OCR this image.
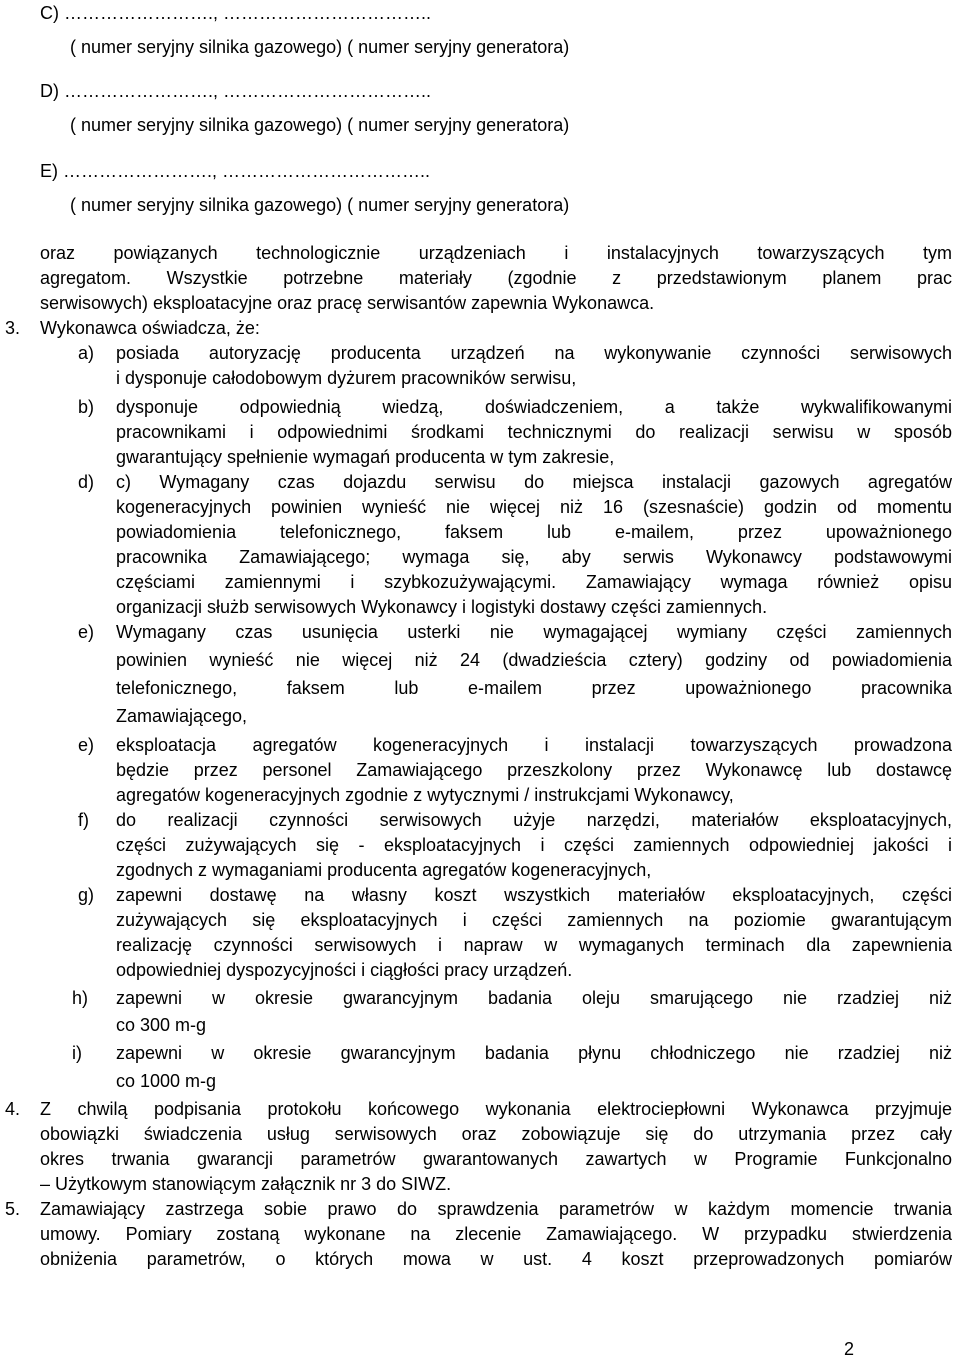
C) ……………………., ……………………………..
( numer seryjny silnika gazowego) ( numer seryjny generatora)
D) ……………………., ……………………………..
( numer seryjny silnika gazowego) ( numer seryjny generatora)
E) ……………………., ……………………………..
( numer seryjny silnika gazowego) ( numer seryjny generatora)
oraz powiązanych technologicznie urządzeniach i instalacyjnych towarzyszących tym
agregatom. Wszystkie potrzebne materiały (zgodnie z przedstawionym planem prac
serwisowych) eksploatacyjne oraz pracę serwisantów zapewnia Wykonawca.
3. Wykonawca oświadcza, że:
a) posiada autoryzację producenta urządzeń na wykonywanie czynności serwisowych
i dysponuje całodobowym dyżurem pracowników serwisu,
b) dysponuje odpowiednią wiedzą, doświadczeniem, a także wykwalifikowanymi
pracownikami i odpowiednimi środkami technicznymi do realizacji serwisu w sposób
gwarantujący spełnienie wymagań producenta w tym zakresie,
d) c) Wymagany czas dojazdu serwisu do miejsca instalacji gazowych agregatów
kogeneracyjnych powinien wynieść nie więcej niż 16 (szesnaście) godzin od momentu
powiadomienia telefonicznego, faksem lub e-mailem, przez upoważnionego
pracownika Zamawiającego; wymaga się, aby serwis Wykonawcy podstawowymi
częściami zamiennymi i szybkozużywającymi. Zamawiający wymaga również opisu
organizacji służb serwisowych Wykonawcy i logistyki dostawy części zamiennych.
e) Wymagany czas usunięcia usterki nie wymagającej wymiany części zamiennych
powinien wynieść nie więcej niż 24 (dwadzieścia cztery) godziny od powiadomienia
telefonicznego, faksem lub e-mailem przez upoważnionego pracownika
Zamawiającego,
e) eksploatacja agregatów kogeneracyjnych i instalacji towarzyszących prowadzona
będzie przez personel Zamawiającego przeszkolony przez Wykonawcę lub dostawcę
agregatów kogeneracyjnych zgodnie z wytycznymi / instrukcjami Wykonawcy,
f) do realizacji czynności serwisowych użyje narzędzi, materiałów eksploatacyjnych,
części zużywających się - eksploatacyjnych i części zamiennych odpowiedniej jakości i
zgodnych z wymaganiami producenta agregatów kogeneracyjnych,
g) zapewni dostawę na własny koszt wszystkich materiałów eksploatacyjnych, części
zużywających się eksploatacyjnych i części zamiennych na poziomie gwarantującym
realizację czynności serwisowych i napraw w wymaganych terminach dla zapewnienia
odpowiedniej dyspozycyjności i ciągłości pracy urządzeń.
h) zapewni w okresie gwarancyjnym badania oleju smarującego nie rzadziej niż
co 300 m-g
i) zapewni w okresie gwarancyjnym badania płynu chłodniczego nie rzadziej niż
co 1000 m-g
4. Z chwilą podpisania protokołu końcowego wykonania elektrociepłowni Wykonawca przyjmuje
obowiązki świadczenia usług serwisowych oraz zobowiązuje się do utrzymania przez cały
okres trwania gwarancji parametrów gwarantowanych zawartych w Programie Funkcjonalno
– Użytkowym stanowiącym załącznik nr 3 do SIWZ.
5. Zamawiający zastrzega sobie prawo do sprawdzenia parametrów w każdym momencie trwania
umowy. Pomiary zostaną wykonane na zlecenie Zamawiającego. W przypadku stwierdzenia
obniżenia parametrów, o których mowa w ust. 4 koszt przeprowadzonych pomiarów
2
